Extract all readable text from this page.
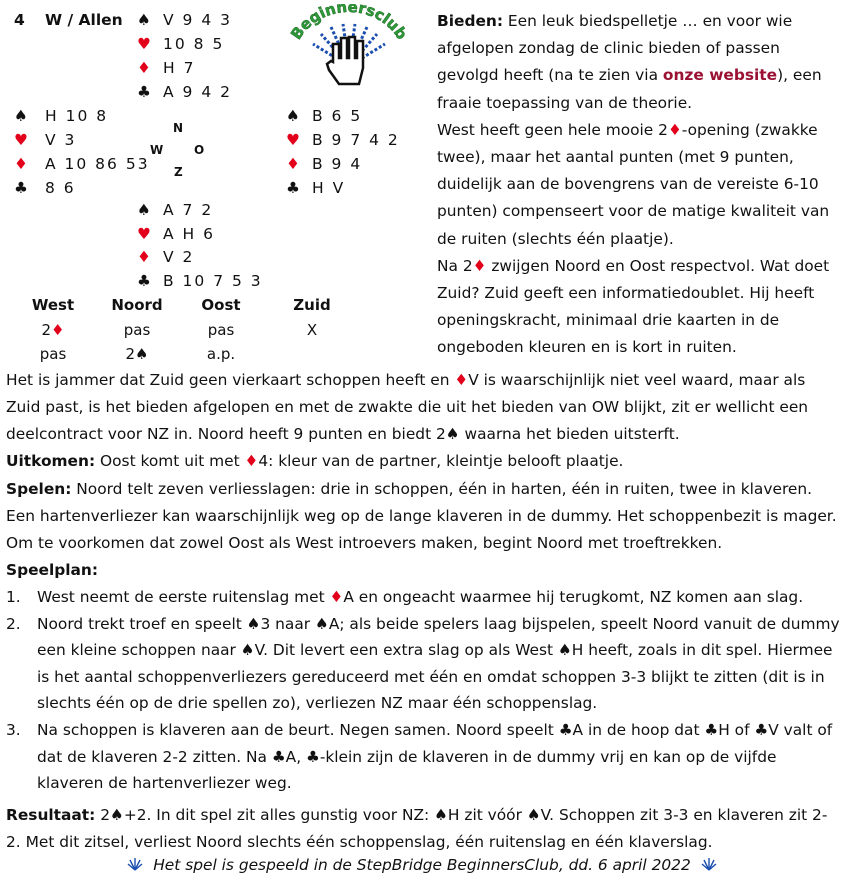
4 W / Allen ♠ V 9 4 3
♥ 10 8 5
♦ H 7
♣ A 9 4 2
♠ H 10 8
♥ V 3
♦ A 10 86 53
♣ 8 6
N
W	O
Z
♠ B 6 5
♥ B 9 7 4 2
♦ B 9 4
♣ H V
♠ A 7 2
♥ A H 6
♦ V 2
♣ B 10 7 5 3
Beginnersclub
West	Noord	Oost	Zuid
2♦	pas	pas	X
pas	2♠	a.p.
Bieden: Een leuk biedspelletje … en voor wie afgelopen zondag de clinic bieden of passen gevolgd heeft (na te zien via onze website), een fraaie toepassing van de theorie.
West heeft geen hele mooie 2♦-opening (zwakke twee), maar het aantal punten (met 9 punten, duidelijk aan de bovengrens van de vereiste 6-10 punten) compenseert voor de matige kwaliteit van de ruiten (slechts één plaatje).
Na 2♦ zwijgen Noord en Oost respectvol. Wat doet Zuid? Zuid geeft een informatiedoublet. Hij heeft openingskracht, minimaal drie kaarten in de ongeboden kleuren en is kort in ruiten.
Het is jammer dat Zuid geen vierkaart schoppen heeft en ♦V is waarschijnlijk niet veel waard, maar als Zuid past, is het bieden afgelopen en met de zwakte die uit het bieden van OW blijkt, zit er wellicht een deelcontract voor NZ in. Noord heeft 9 punten en biedt 2♠ waarna het bieden uitsterft.
Uitkomen: Oost komt uit met ♦4: kleur van de partner, kleintje belooft plaatje.
Spelen: Noord telt zeven verliesslagen: drie in schoppen, één in harten, één in ruiten, twee in klaveren. Een hartenverliezer kan waarschijnlijk weg op de lange klaveren in de dummy. Het schoppenbezit is mager. Om te voorkomen dat zowel Oost als West introevers maken, begint Noord met troeftrekken.
Speelplan:
1. West neemt de eerste ruitenslag met ♦A en ongeacht waarmee hij terugkomt, NZ komen aan slag.
2. Noord trekt troef en speelt ♠3 naar ♠A; als beide spelers laag bijspelen, speelt Noord vanuit de dummy een kleine schoppen naar ♠V. Dit levert een extra slag op als West ♠H heeft, zoals in dit spel. Hiermee is het aantal schoppenverliezers gereduceerd met één en omdat schoppen 3-3 blijkt te zitten (dit is in slechts één op de drie spellen zo), verliezen NZ maar één schoppenslag.
3. Na schoppen is klaveren aan de beurt. Negen samen. Noord speelt ♣A in de hoop dat ♣H of ♣V valt of dat de klaveren 2-2 zitten. Na ♣A, ♣-klein zijn de klaveren in de dummy vrij en kan op de vijfde klaveren de hartenverliezer weg.
Resultaat: 2♠+2. In dit spel zit alles gunstig voor NZ: ♠H zit vóór ♠V. Schoppen zit 3-3 en klaveren zit 2-2. Met dit zitsel, verliest Noord slechts één schoppenslag, één ruitenslag en één klaverslag.
Het spel is gespeeld in de StepBridge BeginnersClub, dd. 6 april 2022
